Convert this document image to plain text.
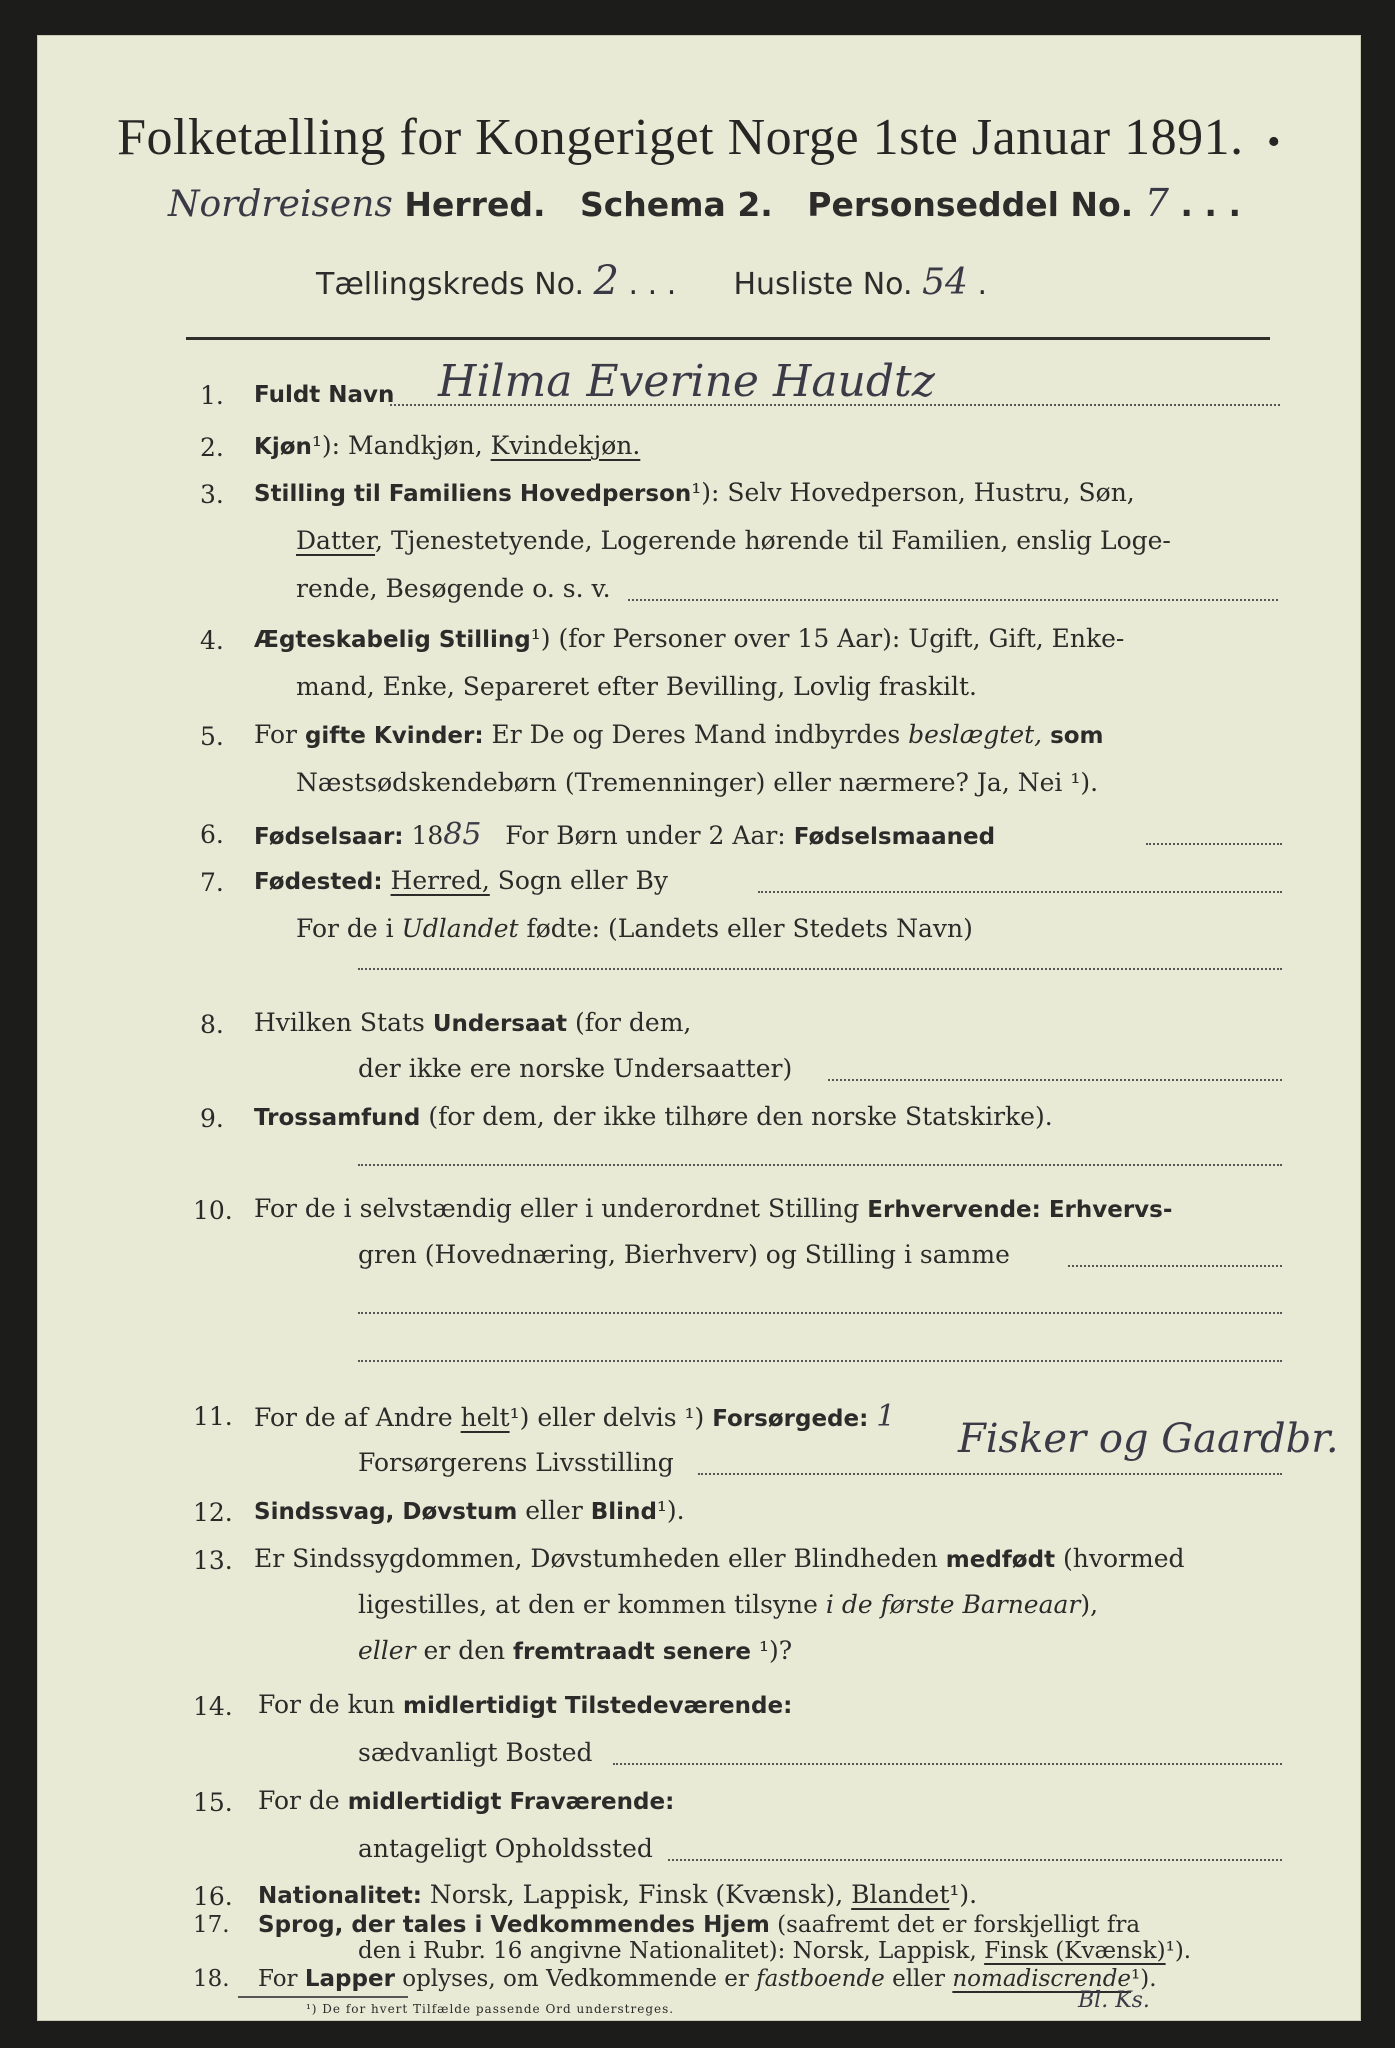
Folketælling for Kongeriget Norge 1ste Januar 1891.  •
Nordreisens Herred. Schema 2. Personseddel No. 7 . . .
Tællingskreds No. 2 . . .      Husliste No. 54 .
1. Fuldt Navn Hilma Everine Haudtz
2. Kjøn¹): Mandkjøn, Kvindekjøn.
3. Stilling til Familiens Hovedperson¹): Selv Hovedperson, Hustru, Søn,
Datter, Tjenestetyende, Logerende hørende til Familien, enslig Loge-
rende, Besøgende o. s. v.
4. Ægteskabelig Stilling¹) (for Personer over 15 Aar): Ugift, Gift, Enke-
mand, Enke, Separeret efter Bevilling, Lovlig fraskilt.
5. For gifte Kvinder: Er De og Deres Mand indbyrdes beslægtet, som
Næstsødskendebørn (Tremenninger) eller nærmere? Ja, Nei ¹).
6. Fødselsaar: 1885 For Børn under 2 Aar: Fødselsmaaned
7. Fødested: Herred, Sogn eller By
For de i Udlandet fødte: (Landets eller Stedets Navn)
8. Hvilken Stats Undersaat (for dem,
der ikke ere norske Undersaatter)
9. Trossamfund (for dem, der ikke tilhøre den norske Statskirke).
10. For de i selvstændig eller i underordnet Stilling Erhvervende: Erhvervs-
gren (Hovednæring, Bierhverv) og Stilling i samme
11. For de af Andre helt¹) eller delvis ¹) Forsørgede: 1
Forsørgerens Livsstilling
Fisker og Gaardbr.
12. Sindssvag, Døvstum eller Blind¹).
13. Er Sindssygdommen, Døvstumheden eller Blindheden medfødt (hvormed
ligestilles, at den er kommen tilsyne i de første Barneaar),
eller er den fremtraadt senere ¹)?
14. For de kun midlertidigt Tilstedeværende:
sædvanligt Bosted
15. For de midlertidigt Fraværende:
antageligt Opholdssted
16. Nationalitet: Norsk, Lappisk, Finsk (Kvænsk), Blandet¹).
¹) De for hvert Tilfælde passende Ord understreges.
17. Sprog, der tales i Vedkommendes Hjem (saafremt det er forskjelligt fra
den i Rubr. 16 angivne Nationalitet): Norsk, Lappisk, Finsk (Kvænsk)¹).
18. For Lapper oplyses, om Vedkommende er fastboende eller nomadiscrende¹).
Bl. Ks.
